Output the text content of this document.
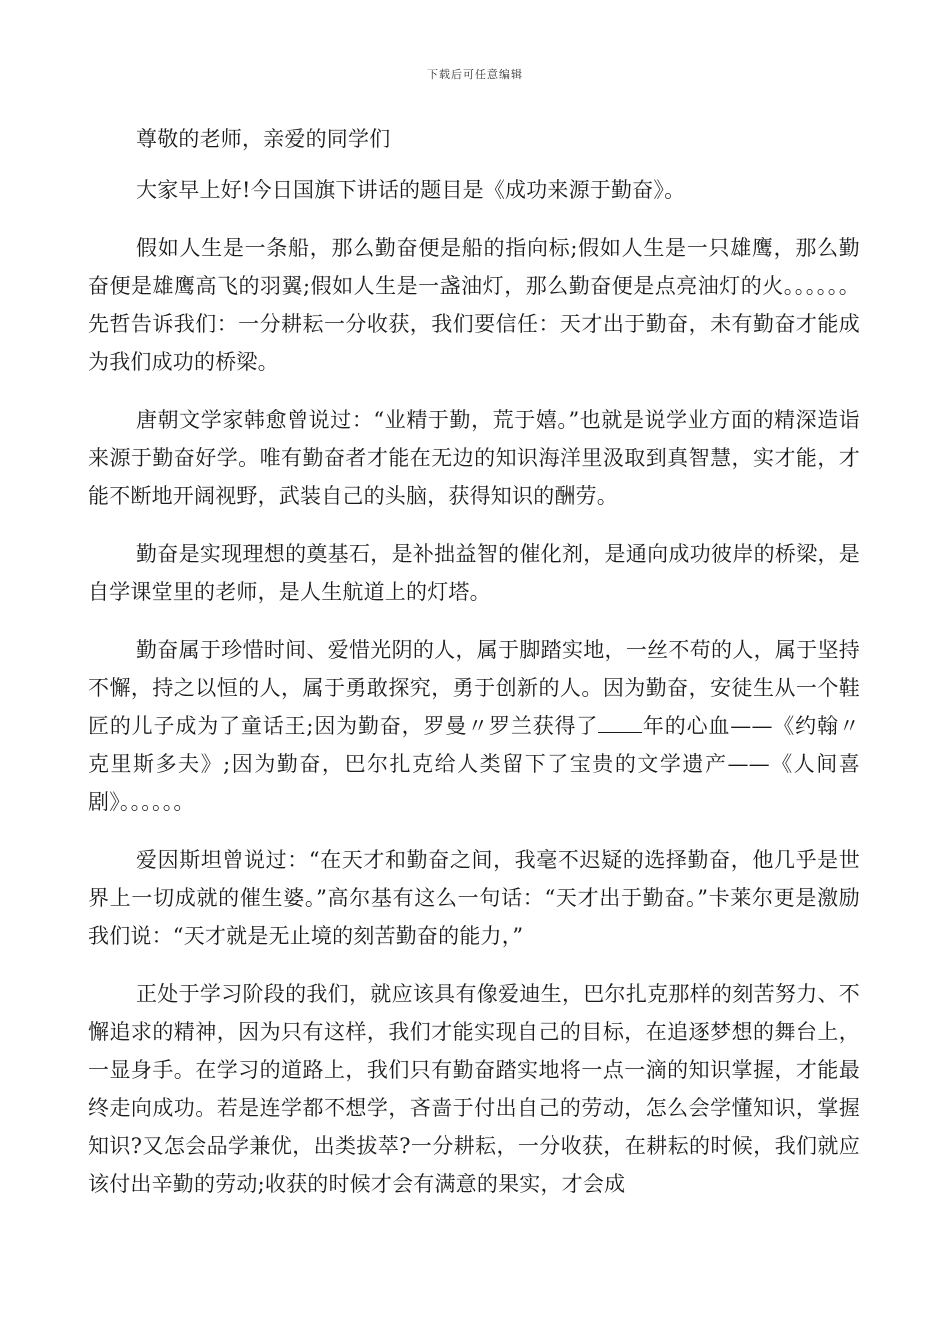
下载后可任意编辑

尊敬的老师，亲爱的同学们

大家早上好!今日国旗下讲话的题目是《成功来源于勤奋》。

假如人生是一条船，那么勤奋便是船的指向标;假如人生是一只雄鹰，那么勤奋便是雄鹰高飞的羽翼;假如人生是一盏油灯，那么勤奋便是点亮油灯的火。。。。。。先哲告诉我们：一分耕耘一分收获，我们要信任：天才出于勤奋，未有勤奋才能成为我们成功的桥梁。

唐朝文学家韩愈曾说过：“业精于勤，荒于嬉。”也就是说学业方面的精深造诣来源于勤奋好学。唯有勤奋者才能在无边的知识海洋里汲取到真智慧，实才能，才能不断地开阔视野，武装自己的头脑，获得知识的酬劳。

勤奋是实现理想的奠基石，是补拙益智的催化剂，是通向成功彼岸的桥梁，是自学课堂里的老师，是人生航道上的灯塔。

勤奋属于珍惜时间、爱惜光阴的人，属于脚踏实地，一丝不苟的人，属于坚持不懈，持之以恒的人，属于勇敢探究，勇于创新的人。因为勤奋，安徒生从一个鞋匠的儿子成为了童话王;因为勤奋，罗曼〃罗兰获得了 年的心血——《约翰〃克里斯多夫》;因为勤奋，巴尔扎克给人类留下了宝贵的文学遗产——《人间喜剧》。。。。。。

爱因斯坦曾说过：“在天才和勤奋之间，我毫不迟疑的选择勤奋，他几乎是世界上一切成就的催生婆。”高尔基有这么一句话：“天才出于勤奋。”卡莱尔更是激励我们说：“天才就是无止境的刻苦勤奋的能力，”

正处于学习阶段的我们，就应该具有像爱迪生，巴尔扎克那样的刻苦努力、不懈追求的精神，因为只有这样，我们才能实现自己的目标，在追逐梦想的舞台上，一显身手。在学习的道路上，我们只有勤奋踏实地将一点一滴的知识掌握，才能最终走向成功。若是连学都不想学，吝啬于付出自己的劳动，怎么会学懂知识，掌握知识?又怎会品学兼优，出类拔萃?一分耕耘，一分收获，在耕耘的时候，我们就应该付出辛勤的劳动;收获的时候才会有满意的果实，才会成
